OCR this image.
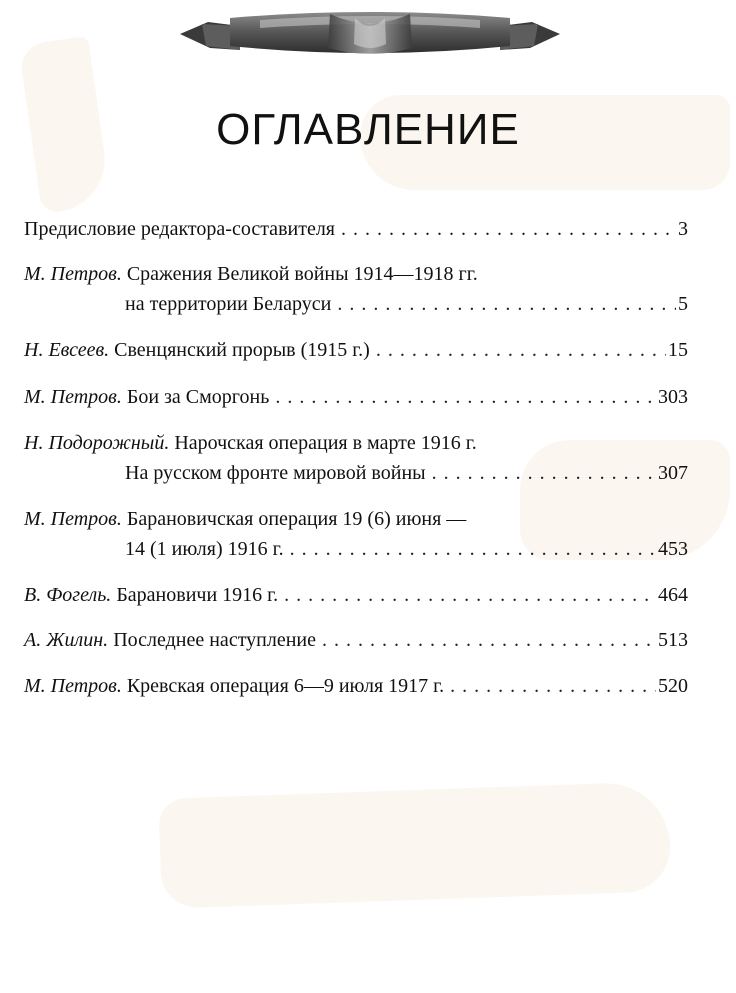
ОГЛАВЛЕНИЕ
Предисловие редактора-составителя . . .	3
М. Петров. Сражения Великой войны 1914—1918 гг.
на территории Беларуси . . .	5
Н. Евсеев. Свенцянский прорыв (1915 г.) . . .	15
М. Петров. Бои за Сморгонь . . .	303
Н. Подорожный. Нарочская операция в марте 1916 г.
На русском фронте мировой войны . . .	307
М. Петров. Барановичская операция 19 (6) июня —
14 (1 июля) 1916 г. . . .	453
В. Фогель. Барановичи 1916 г. . . .	464
А. Жилин. Последнее наступление . . .	513
М. Петров. Кревская операция 6—9 июля 1917 г. . . .	520
